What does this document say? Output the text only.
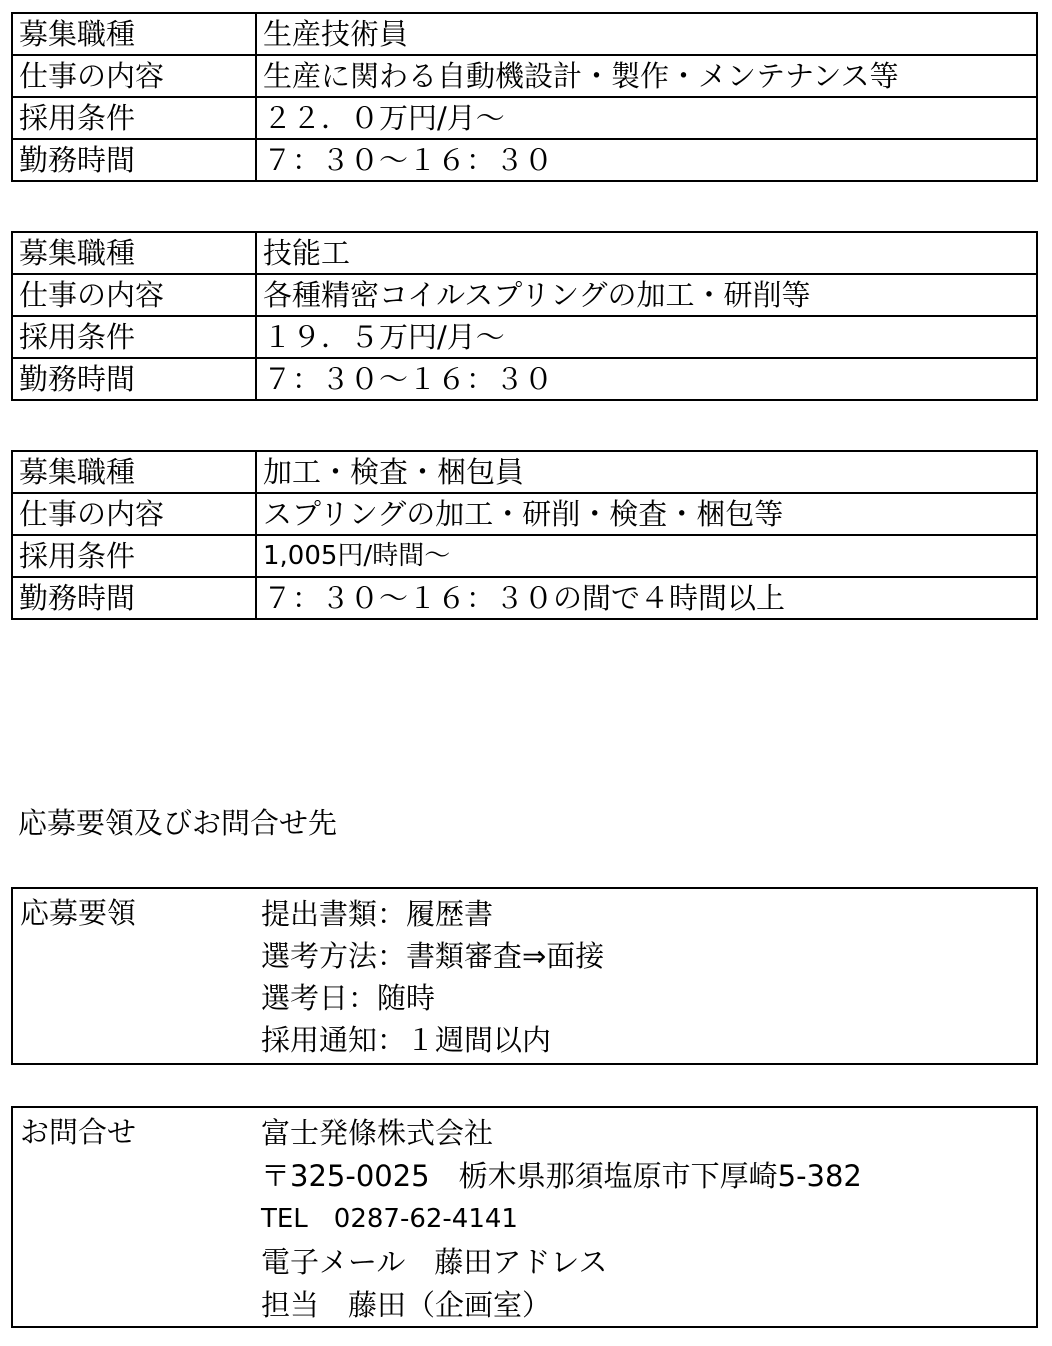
募集職種	生産技術員
仕事の内容	生産に関わる自動機設計・製作・メンテナンス等
採用条件	２２．０万円/月～
勤務時間	７：３０～１６：３０
募集職種	技能工
仕事の内容	各種精密コイルスプリングの加工・研削等
採用条件	１９．５万円/月～
勤務時間	７：３０～１６：３０
募集職種	加工・検査・梱包員
仕事の内容	スプリングの加工・研削・検査・梱包等
採用条件	1,005円/時間～
勤務時間	７：３０～１６：３０の間で４時間以上
応募要領及びお問合せ先
応募要領	提出書類：履歴書
選考方法：書類審査⇒面接
選考日：随時
採用通知：１週間以内
お問合せ	富士発條株式会社
〒325-0025　栃木県那須塩原市下厚崎5-382
TEL　0287-62-4141
電子メール　藤田アドレス
担当　藤田（企画室）
